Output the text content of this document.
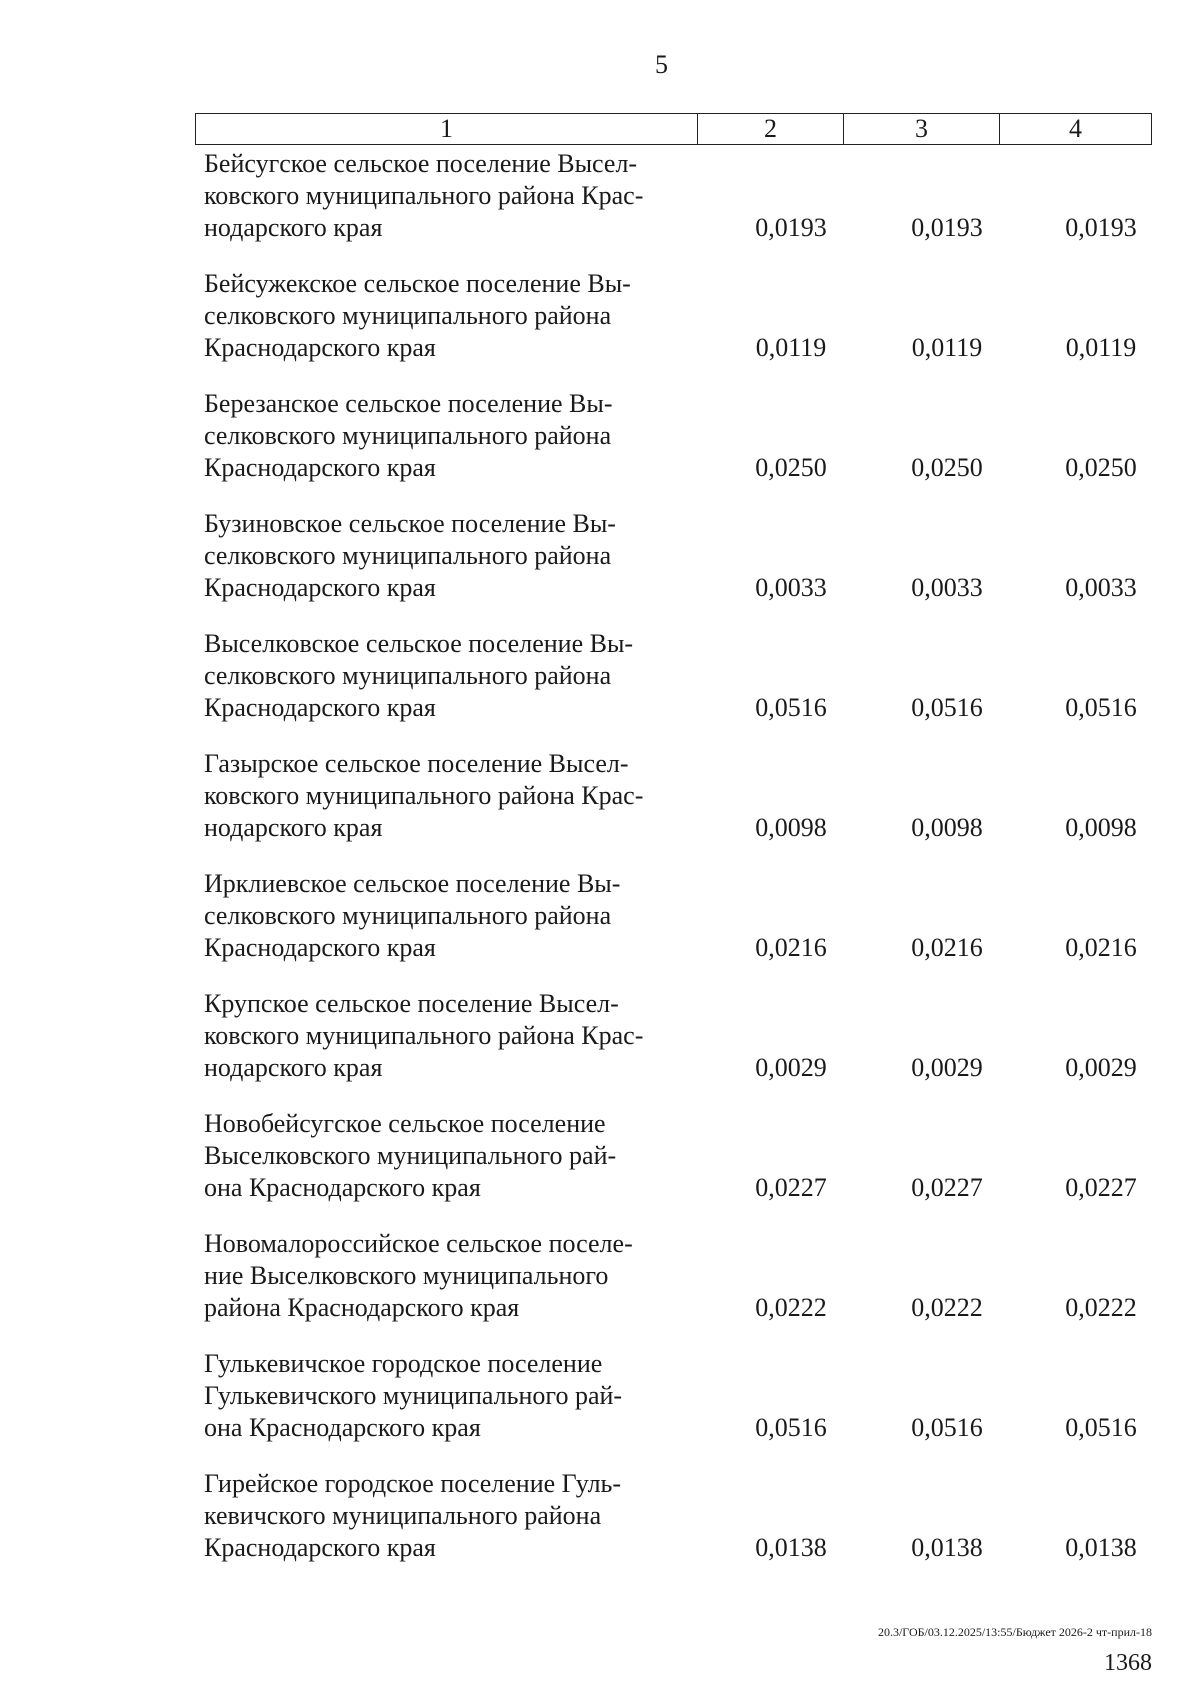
5
1	2	3	4
Бейсугское сельское поселение Высел-
ковского муниципального района Крас-
нодарского края	0,0193	0,0193	0,0193
Бейсужекское сельское поселение Вы-
селковского муниципального района
Краснодарского края	0,0119	0,0119	0,0119
Березанское сельское поселение Вы-
селковского муниципального района
Краснодарского края	0,0250	0,0250	0,0250
Бузиновское сельское поселение Вы-
селковского муниципального района
Краснодарского края	0,0033	0,0033	0,0033
Выселковское сельское поселение Вы-
селковского муниципального района
Краснодарского края	0,0516	0,0516	0,0516
Газырское сельское поселение Высел-
ковского муниципального района Крас-
нодарского края	0,0098	0,0098	0,0098
Ирклиевское сельское поселение Вы-
селковского муниципального района
Краснодарского края	0,0216	0,0216	0,0216
Крупское сельское поселение Высел-
ковского муниципального района Крас-
нодарского края	0,0029	0,0029	0,0029
Новобейсугское сельское поселение
Выселковского муниципального рай-
она Краснодарского края	0,0227	0,0227	0,0227
Новомалороссийское сельское поселе-
ние Выселковского муниципального
района Краснодарского края	0,0222	0,0222	0,0222
Гулькевичское городское поселение
Гулькевичского муниципального рай-
она Краснодарского края	0,0516	0,0516	0,0516
Гирейское городское поселение Гуль-
кевичского муниципального района
Краснодарского края	0,0138	0,0138	0,0138
20.3/ГОБ/03.12.2025/13:55/Бюджет 2026-2 чт-прил-18
1368
